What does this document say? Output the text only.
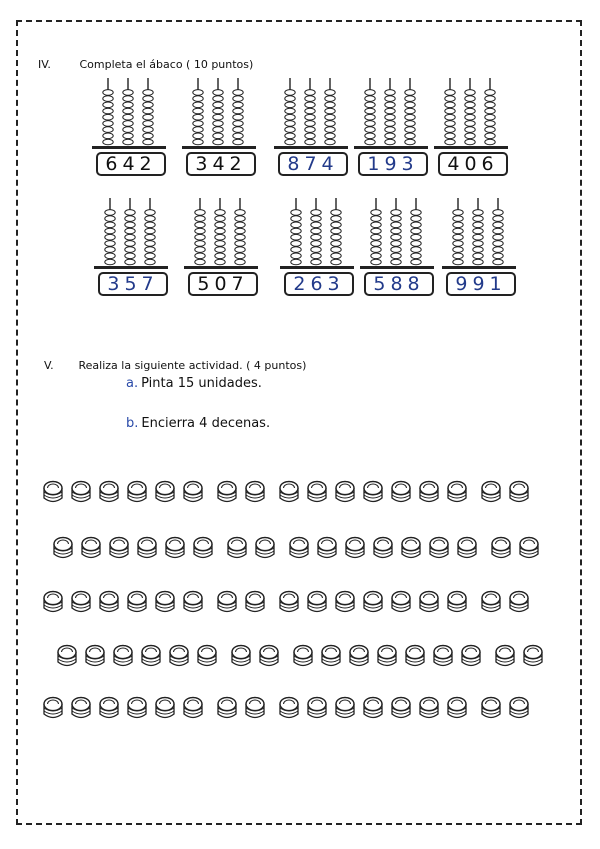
IV.	Completa el ábaco ( 10 puntos)
642	342	874	193	406
357	507	263	588	991
V. Realiza la siguiente actividad. ( 4 puntos)
a. Pinta 15 unidades.
b. Encierra 4 decenas.
